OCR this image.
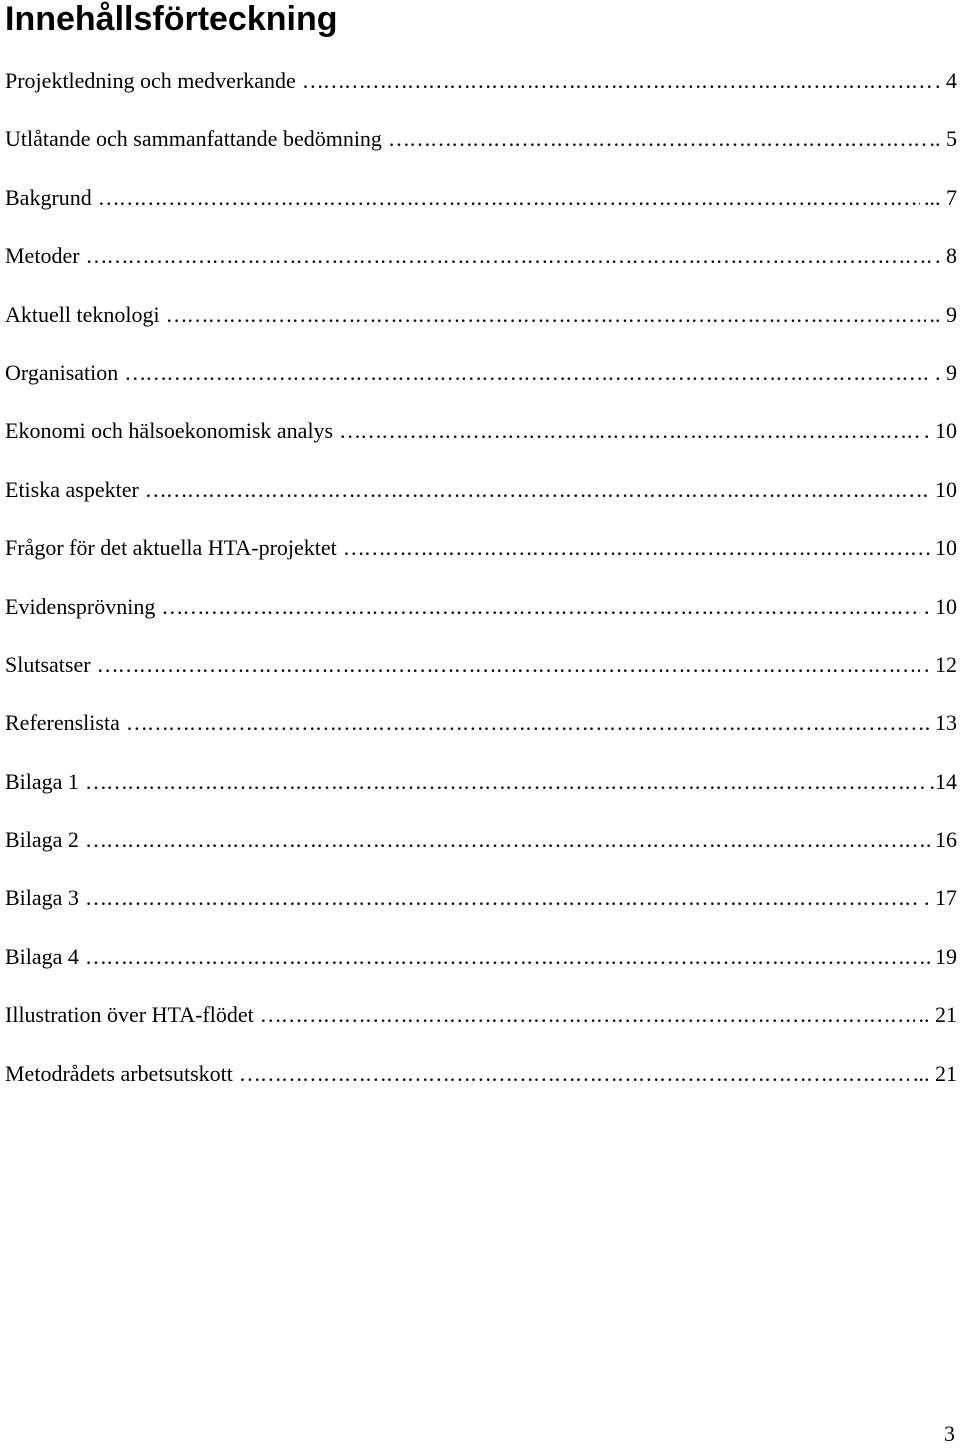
Innehållsförteckning
Projektledning och medverkande ………………………………………………………………………………………………………………………………………………………………	. 4
Utlåtande och sammanfattande bedömning ………………………………………………………………………………………………………………………………………………………………	.. 5
Bakgrund ………………………………………………………………………………………………………………………………………………………………	... 7
Metoder ………………………………………………………………………………………………………………………………………………………………	. 8
Aktuell teknologi ………………………………………………………………………………………………………………………………………………………………	.. 9
Organisation ………………………………………………………………………………………………………………………………………………………………	. 9
Ekonomi och hälsoekonomisk analys ………………………………………………………………………………………………………………………………………………………………	. 10
Etiska aspekter ………………………………………………………………………………………………………………………………………………………………	10
Frågor för det aktuella HTA-projektet ………………………………………………………………………………………………………………………………………………………………	10
Evidensprövning ………………………………………………………………………………………………………………………………………………………………	. 10
Slutsatser ………………………………………………………………………………………………………………………………………………………………	. 12
Referenslista ………………………………………………………………………………………………………………………………………………………………	13
Bilaga 1 ………………………………………………………………………………………………………………………………………………………………	.14
Bilaga 2 ………………………………………………………………………………………………………………………………………………………………	16
Bilaga 3 ………………………………………………………………………………………………………………………………………………………………	. 17
Bilaga 4 ………………………………………………………………………………………………………………………………………………………………	19
Illustration över HTA-flödet ………………………………………………………………………………………………………………………………………………………………	.. 21
Metodrådets arbetsutskott ………………………………………………………………………………………………………………………………………………………………	... 21
3
